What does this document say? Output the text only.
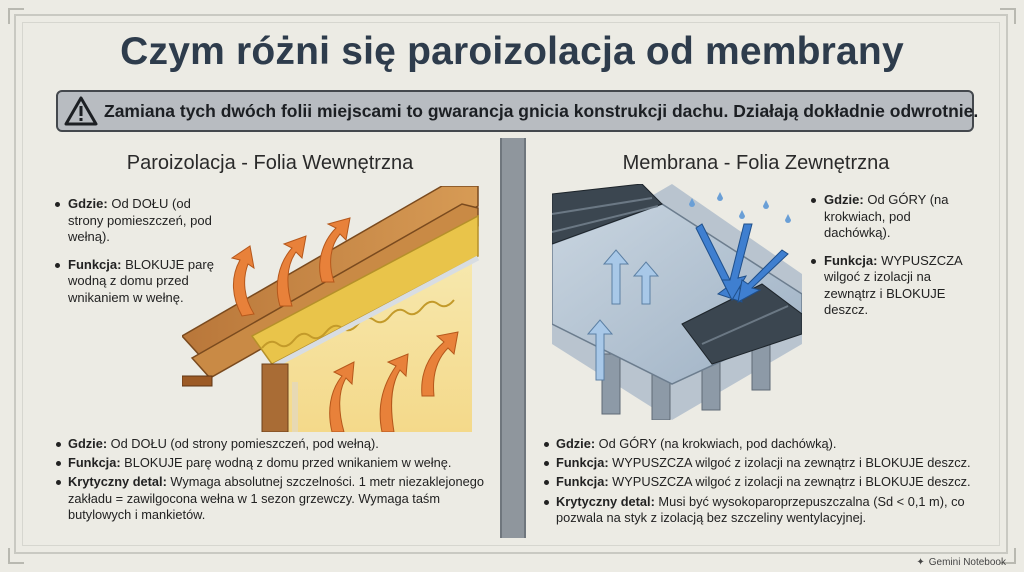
Czym różni się paroizolacja od membrany
Zamiana tych dwóch folii miejscami to gwarancja gnicia konstrukcji dachu. Działają dokładnie odwrotnie.
Paroizolacja - Folia Wewnętrzna
Gdzie: Od DOŁU (od strony pomieszczeń, pod wełną).
Funkcja: BLOKUJE parę wodną z domu przed wnikaniem w wełnę.
Gdzie: Od DOŁU (od strony pomieszczeń, pod wełną).
Funkcja: BLOKUJE parę wodną z domu przed wnikaniem w wełnę.
Krytyczny detal: Wymaga absolutnej szczelności. 1 metr niezaklejonego zakładu = zawilgocona wełna w 1 sezon grzewczy. Wymaga taśm butylowych i mankietów.
Membrana - Folia Zewnętrzna
Gdzie: Od GÓRY (na krokwiach, pod dachówką).
Funkcja: WYPUSZCZA wilgoć z izolacji na zewnątrz i BLOKUJE deszcz.
Gdzie: Od GÓRY (na krokwiach, pod dachówką).
Funkcja: WYPUSZCZA wilgoć z izolacji na zewnątrz i BLOKUJE deszcz.
Funkcja: WYPUSZCZA wilgoć z izolacji na zewnątrz i BLOKUJE deszcz.
Krytyczny detal: Musi być wysokoparoprzepuszczalna (Sd < 0,1 m), co pozwala na styk z izolacją bez szczeliny wentylacyjnej.
✦ Gemini Notebook
